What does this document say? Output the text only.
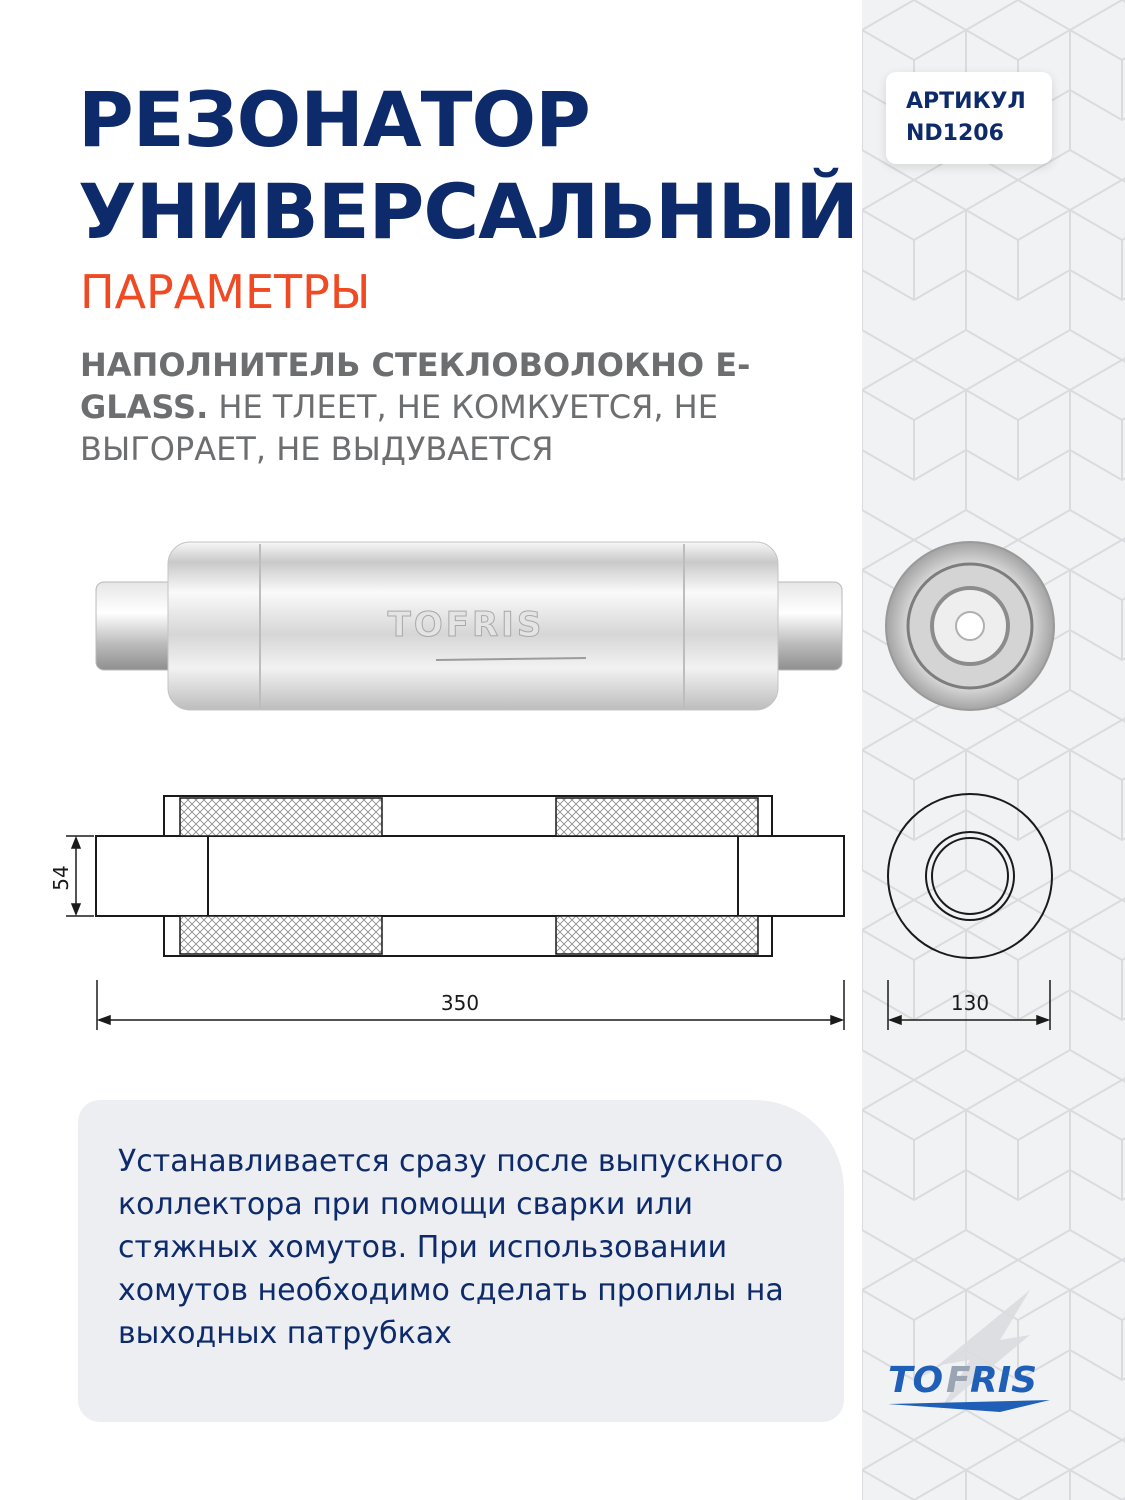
РЕЗОНАТОР
УНИВЕРСАЛЬНЫЙ
ПАРАМЕТРЫ

НАПОЛНИТЕЛЬ СТЕКЛОВОЛОКНО E-GLASS. НЕ ТЛЕЕТ, НЕ КОМКУЕТСЯ, НЕ ВЫГОРАЕТ, НЕ ВЫДУВАЕТСЯ

АРТИКУЛ
ND1206
TOFRIS
54
350	130

Устанавливается сразу после выпускного коллектора при помощи сварки или стяжных хомутов. При использовании хомутов необходимо сделать пропилы на выходных патрубках

TO F RIS
